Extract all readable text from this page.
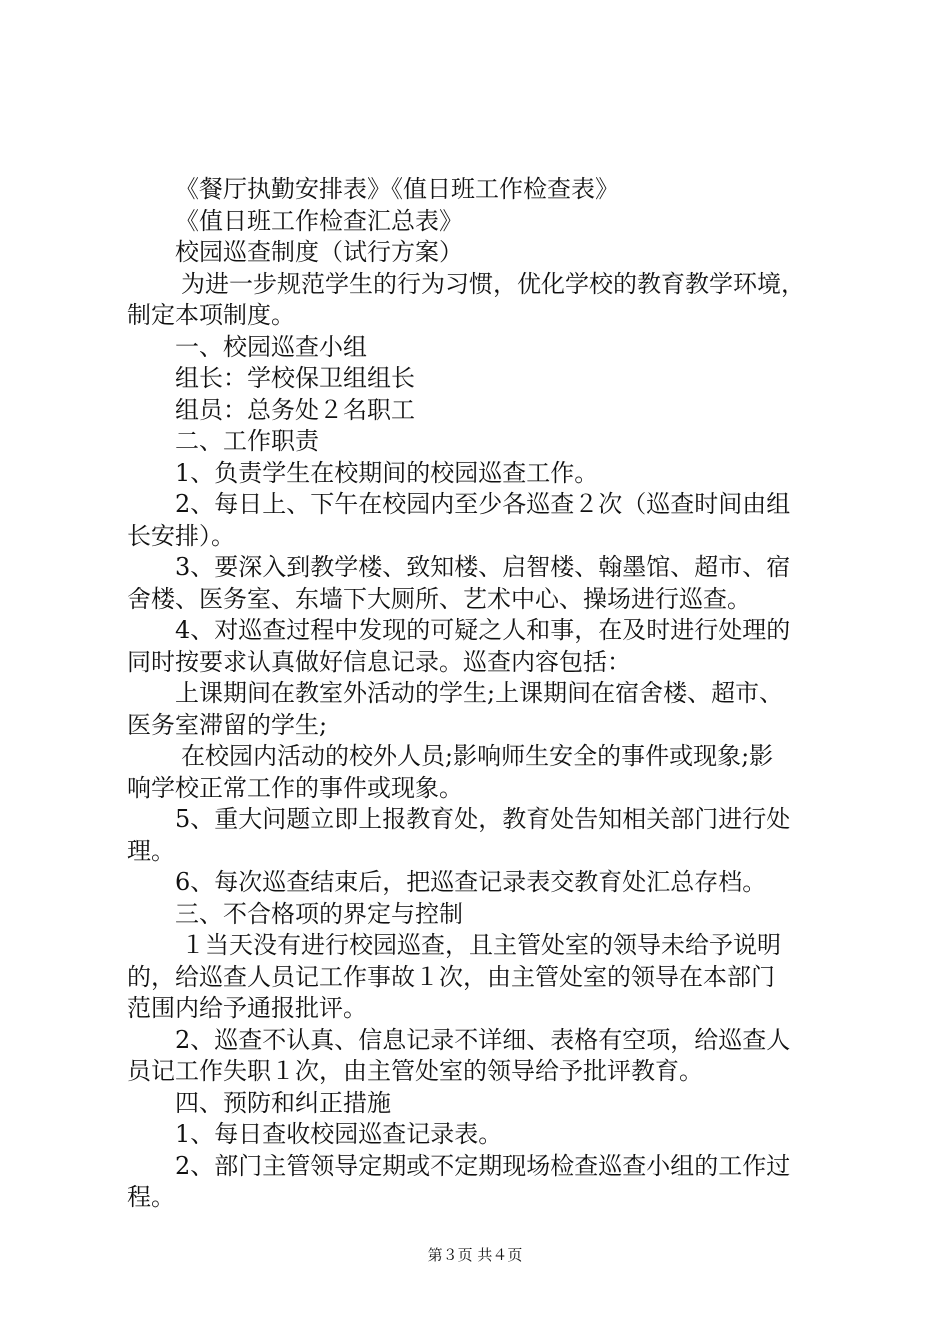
《餐厅执勤安排表》《值日班工作检查表》
《值日班工作检查汇总表》
校园巡查制度（试行方案）
为进一步规范学生的行为习惯，优化学校的教育教学环境，
制定本项制度。
一、校园巡查小组
组长：学校保卫组组长
组员：总务处２名职工
二、工作职责
1、负责学生在校期间的校园巡查工作。
2、每日上、下午在校园内至少各巡查２次（巡查时间由组
长安排）。
3、要深入到教学楼、致知楼、启智楼、翰墨馆、超市、宿
舍楼、医务室、东墙下大厕所、艺术中心、操场进行巡查。
4、对巡查过程中发现的可疑之人和事，在及时进行处理的
同时按要求认真做好信息记录。巡查内容包括：
上课期间在教室外活动的学生;上课期间在宿舍楼、超市、
医务室滞留的学生;
在校园内活动的校外人员;影响师生安全的事件或现象;影
响学校正常工作的事件或现象。
5、重大问题立即上报教育处，教育处告知相关部门进行处
理。
6、每次巡查结束后，把巡查记录表交教育处汇总存档。
三、不合格项的界定与控制
１当天没有进行校园巡查，且主管处室的领导未给予说明
的，给巡查人员记工作事故１次，由主管处室的领导在本部门
范围内给予通报批评。
2、巡查不认真、信息记录不详细、表格有空项，给巡查人
员记工作失职１次，由主管处室的领导给予批评教育。
四、预防和纠正措施
1、每日查收校园巡查记录表。
2、部门主管领导定期或不定期现场检查巡查小组的工作过
程。
第３页 共４页
